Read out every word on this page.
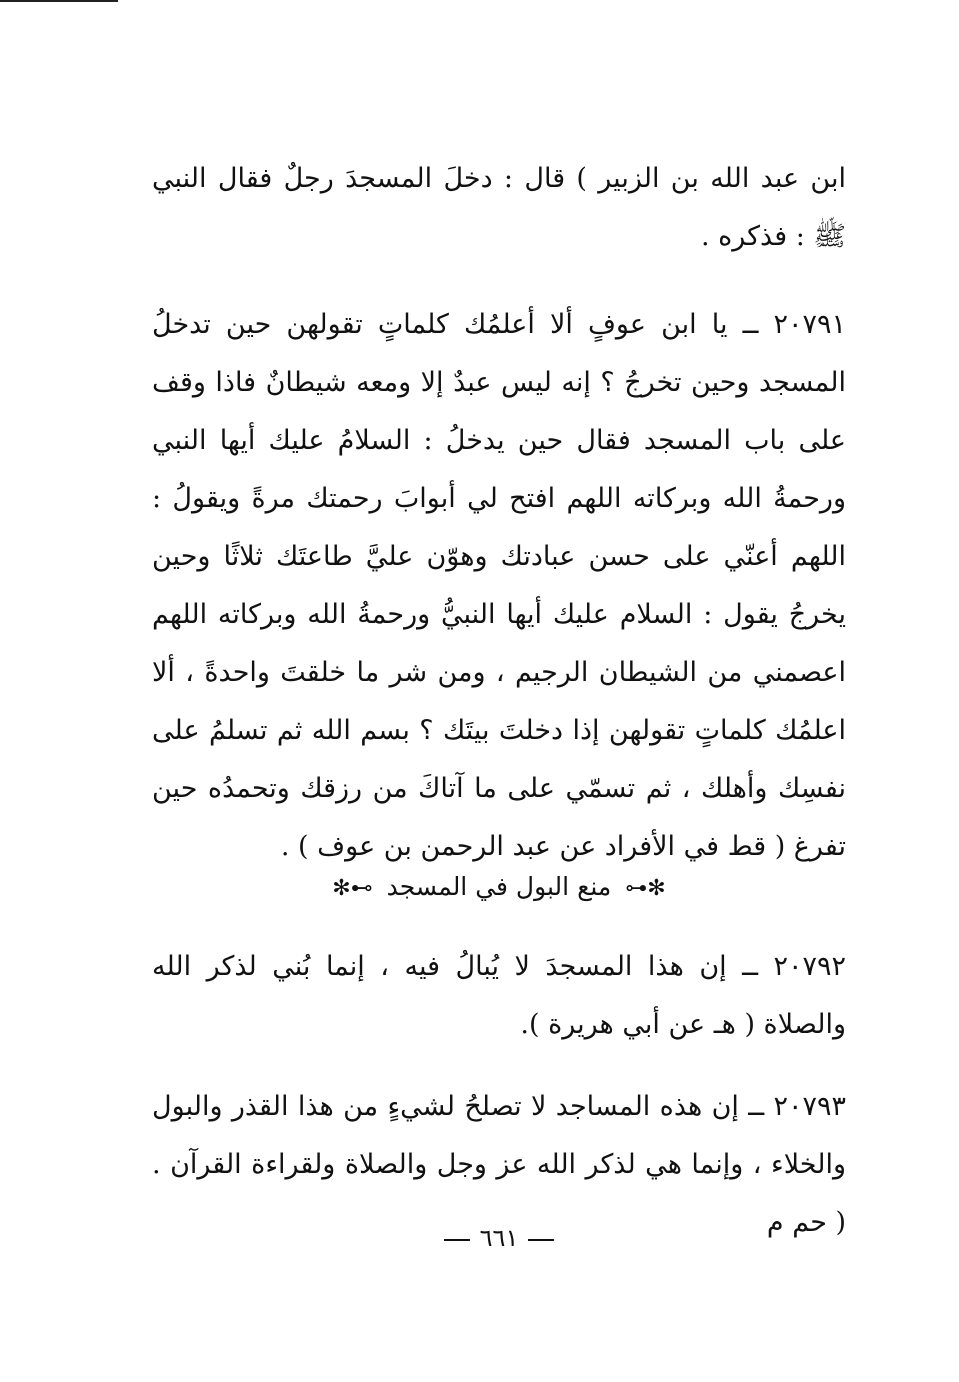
ابن عبد الله بن الزبير ) قال : دخلَ المسجدَ رجلٌ فقال النبي ﷺ : فذكره .

٢٠٧٩١ ــ يا ابن عوفٍ ألا أعلمُك كلماتٍ تقولهن حين تدخلُ المسجد وحين تخرجُ ؟ إنه ليس عبدٌ إلا ومعه شيطانٌ فاذا وقف على باب المسجد فقال حين يدخلُ : السلامُ عليك أيها النبي ورحمةُ الله وبركاته اللهم افتح لي أبوابَ رحمتك مرةً ويقولُ : اللهم أعنّي على حسن عبادتك وهوّن عليَّ طاعتَك ثلاثًا وحين يخرجُ يقول : السلام عليك أيها النبيُّ ورحمةُ الله وبركاته اللهم اعصمني من الشيطان الرجيم ، ومن شر ما خلقتَ واحدةً ، ألا اعلمُك كلماتٍ تقولهن إذا دخلتَ بيتَك ؟ بسم الله ثم تسلمُ على نفسِك وأهلك ، ثم تسمّي على ما آتاكَ من رزقك وتحمدُه حين تفرغ ( قط في الأفراد عن عبد الرحمن بن عوف ) .

✻⊷ منع البول في المسجد ⊶✻

٢٠٧٩٢ ــ إن هذا المسجدَ لا يُبالُ فيه ، إنما بُني لذكر الله والصلاة ( هـ عن أبي هريرة ).

٢٠٧٩٣ ــ إن هذه المساجد لا تصلحُ لشيءٍ من هذا القذر والبول والخلاء ، وإنما هي لذكر الله عز وجل والصلاة ولقراءة القرآن . ( حم م

٦٦١
